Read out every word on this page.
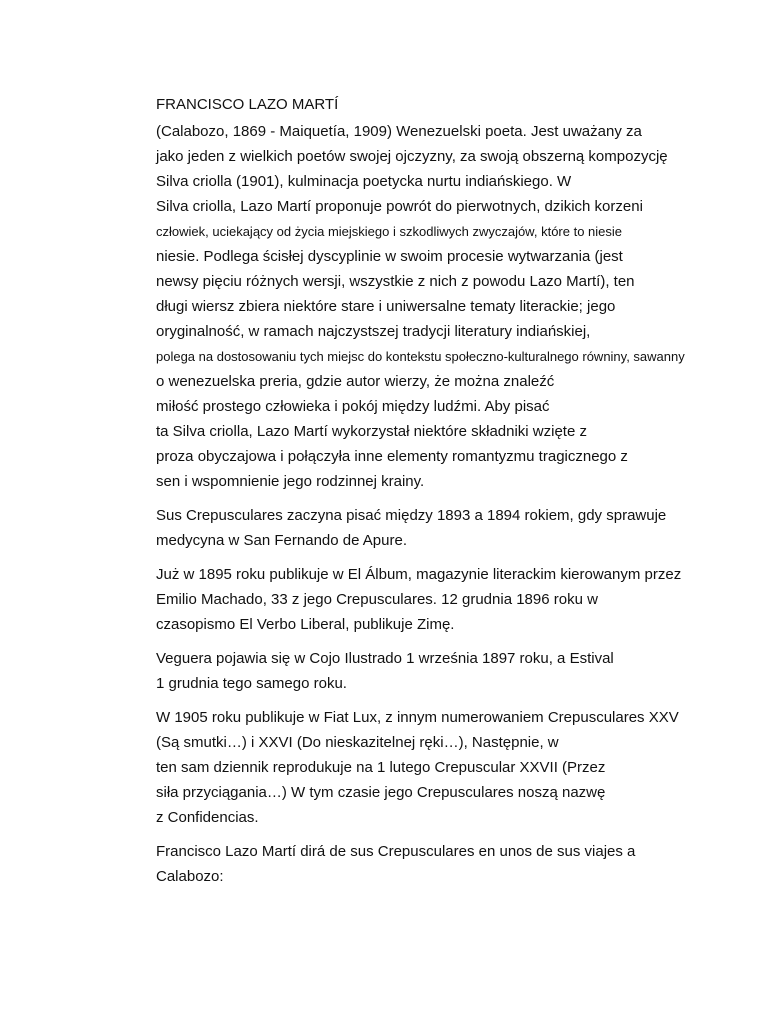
FRANCISCO LAZO MARTÍ
(Calabozo, 1869 - Maiquetía, 1909) Wenezuelski poeta. Jest uważany za
jako jeden z wielkich poetów swojej ojczyzny, za swoją obszerną kompozycję
Silva criolla (1901), kulminacja poetycka nurtu indiańskiego. W
Silva criolla, Lazo Martí proponuje powrót do pierwotnych, dzikich korzeni
człowiek, uciekający od życia miejskiego i szkodliwych zwyczajów, które to niesie
niesie. Podlega ścisłej dyscyplinie w swoim procesie wytwarzania (jest
newsy pięciu różnych wersji, wszystkie z nich z powodu Lazo Martí), ten
długi wiersz zbiera niektóre stare i uniwersalne tematy literackie; jego
oryginalność, w ramach najczystszej tradycji literatury indiańskiej,
polega na dostosowaniu tych miejsc do kontekstu społeczno-kulturalnego równiny, sawanny
o wenezuelska preria, gdzie autor wierzy, że można znaleźć
miłość prostego człowieka i pokój między ludźmi. Aby pisać
ta Silva criolla, Lazo Martí wykorzystał niektóre składniki wzięte z
proza obyczajowa i połączyła inne elementy romantyzmu tragicznego z
sen i wspomnienie jego rodzinnej krainy.
Sus Crepusculares zaczyna pisać między 1893 a 1894 rokiem, gdy sprawuje
medycyna w San Fernando de Apure.
Już w 1895 roku publikuje w El Álbum, magazynie literackim kierowanym przez
Emilio Machado, 33 z jego Crepusculares. 12 grudnia 1896 roku w
czasopismo El Verbo Liberal, publikuje Zimę.
Veguera pojawia się w Cojo Ilustrado 1 września 1897 roku, a Estival
1 grudnia tego samego roku.
W 1905 roku publikuje w Fiat Lux, z innym numerowaniem Crepusculares XXV
(Są smutki…) i XXVI (Do nieskazitelnej ręki…), Następnie, w
ten sam dziennik reprodukuje na 1 lutego Crepuscular XXVII (Przez
siła przyciągania…) W tym czasie jego Crepusculares noszą nazwę
z Confidencias.
Francisco Lazo Martí dirá de sus Crepusculares en unos de sus viajes a
Calabozo:
